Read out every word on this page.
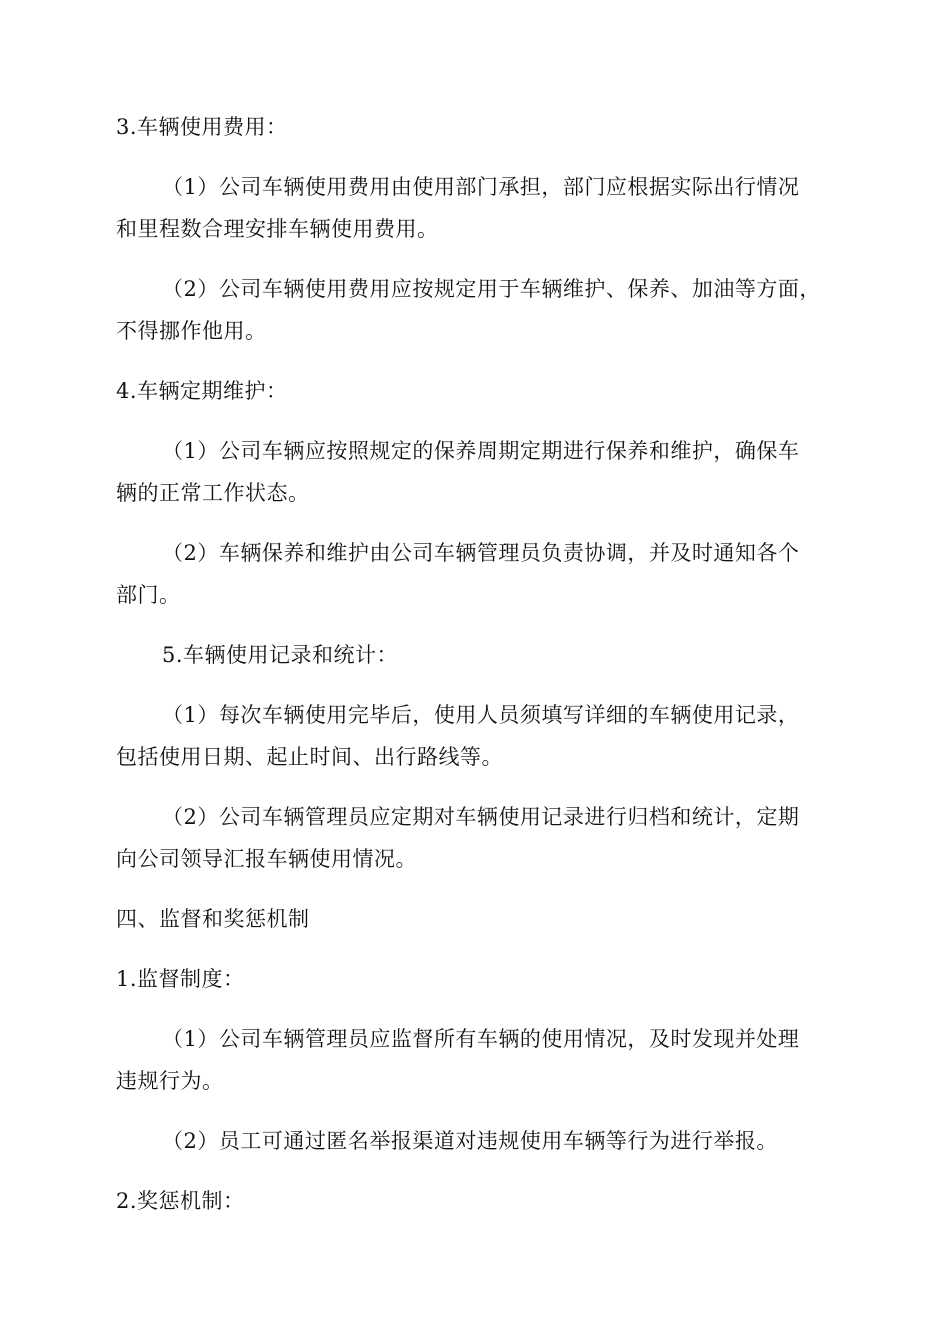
3.车辆使用费用：
（1）公司车辆使用费用由使用部门承担，部门应根据实际出行情况
和里程数合理安排车辆使用费用。
（2）公司车辆使用费用应按规定用于车辆维护、保养、加油等方面，
不得挪作他用。
4.车辆定期维护：
（1）公司车辆应按照规定的保养周期定期进行保养和维护，确保车
辆的正常工作状态。
（2）车辆保养和维护由公司车辆管理员负责协调，并及时通知各个
部门。
5.车辆使用记录和统计：
（1）每次车辆使用完毕后，使用人员须填写详细的车辆使用记录，
包括使用日期、起止时间、出行路线等。
（2）公司车辆管理员应定期对车辆使用记录进行归档和统计，定期
向公司领导汇报车辆使用情况。
四、监督和奖惩机制
1.监督制度：
（1）公司车辆管理员应监督所有车辆的使用情况，及时发现并处理
违规行为。
（2）员工可通过匿名举报渠道对违规使用车辆等行为进行举报。
2.奖惩机制：
